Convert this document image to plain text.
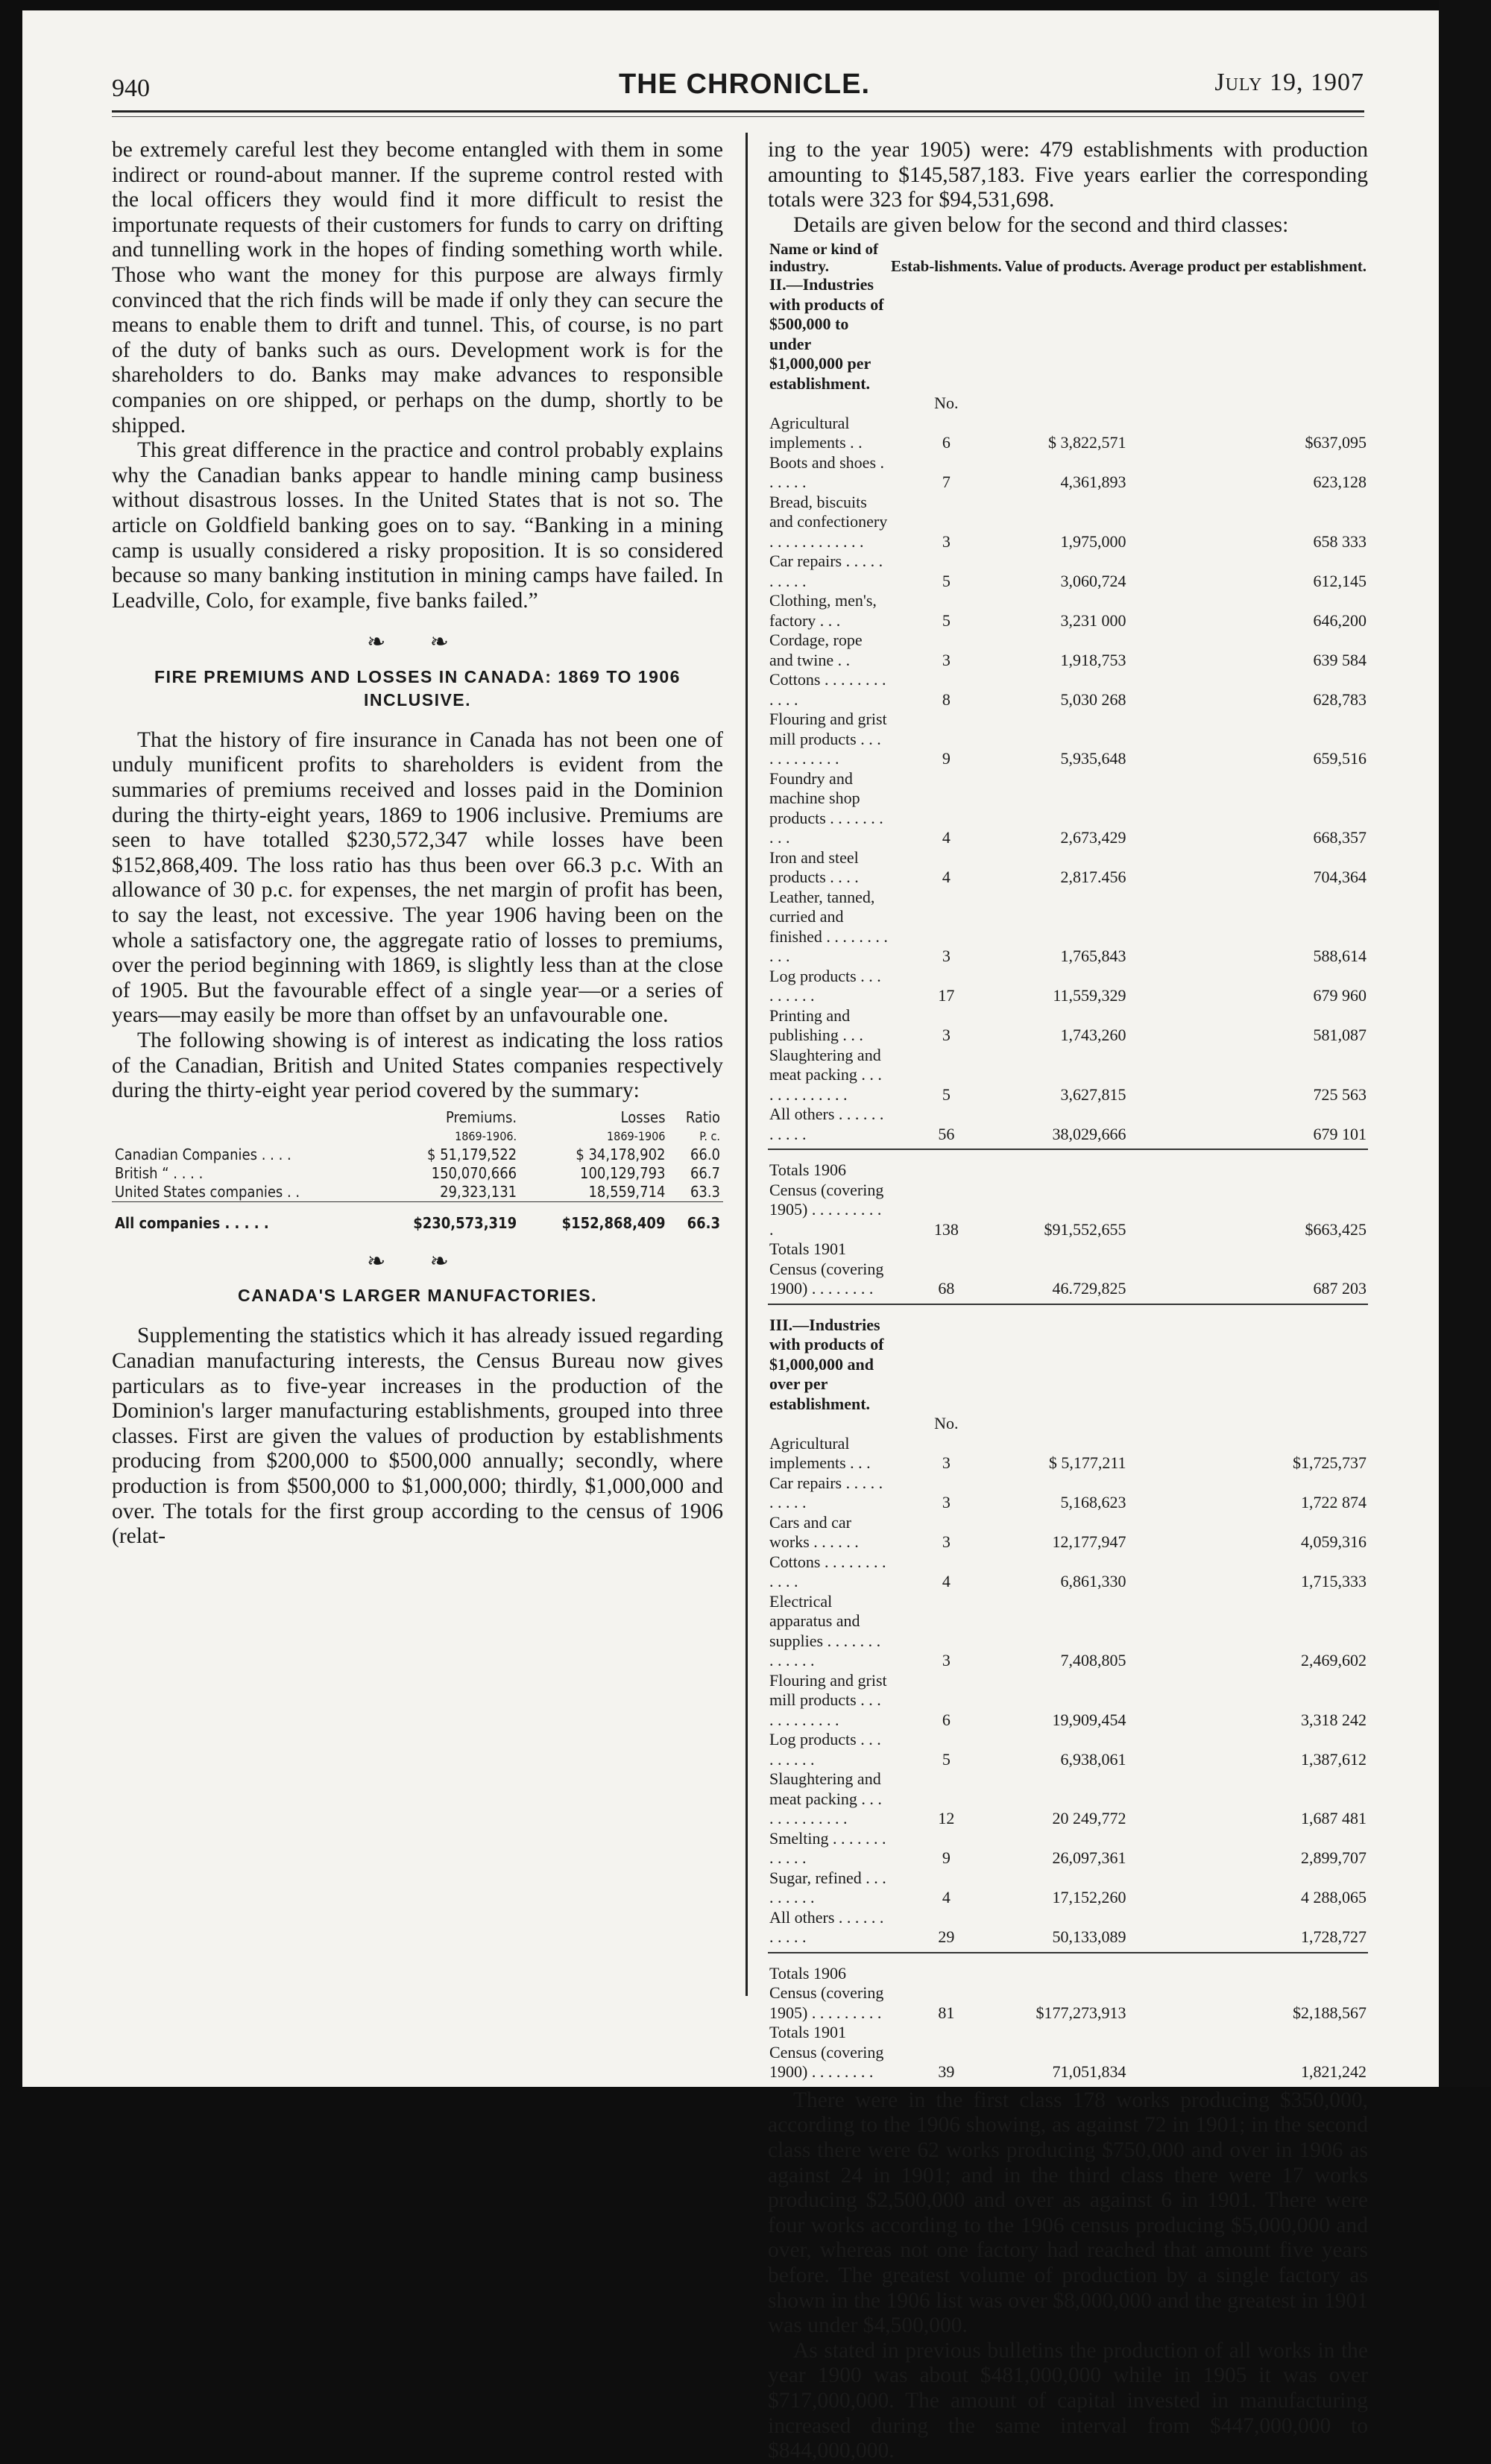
940	THE CHRONICLE.	July 19, 1907

be extremely careful lest they become entangled with them in some indirect or round-about manner. If the supreme control rested with the local officers they would find it more difficult to resist the importunate requests of their customers for funds to carry on drifting and tunnelling work in the hopes of finding something worth while. Those who want the money for this purpose are always firmly convinced that the rich finds will be made if only they can secure the means to enable them to drift and tunnel. This, of course, is no part of the duty of banks such as ours. Development work is for the shareholders to do. Banks may make advances to responsible companies on ore shipped, or perhaps on the dump, shortly to be shipped.

This great difference in the practice and control probably explains why the Canadian banks appear to handle mining camp business without disastrous losses. In the United States that is not so. The article on Goldfield banking goes on to say. “Banking in a mining camp is usually considered a risky proposition. It is so considered because so many banking institution in mining camps have failed. In Leadville, Colo, for example, five banks failed.”

❧ ❧
FIRE PREMIUMS AND LOSSES IN CANADA: 1869 TO 1906 INCLUSIVE.

That the history of fire insurance in Canada has not been one of unduly munificent profits to shareholders is evident from the summaries of premiums received and losses paid in the Dominion during the thirty-eight years, 1869 to 1906 inclusive. Premiums are seen to have totalled $230,572,347 while losses have been $152,868,409. The loss ratio has thus been over 66.3 p.c. With an allowance of 30 p.c. for expenses, the net margin of profit has been, to say the least, not excessive. The year 1906 having been on the whole a satisfactory one, the aggregate ratio of losses to premiums, over the period beginning with 1869, is slightly less than at the close of 1905. But the favourable effect of a single year—or a series of years—may easily be more than offset by an unfavourable one.

The following showing is of interest as indicating the loss ratios of the Canadian, British and United States companies respectively during the thirty-eight year period covered by the summary:

	Premiums.	Losses	Ratio
	1869-1906.	1869-1906	P. c.
Canadian Companies . . . .	$ 51,179,522	$ 34,178,902	66.0
British “ . . . .	150,070,666	100,129,793	66.7
United States companies . .	29,323,131	18,559,714	63.3
All companies . . . . .	$230,573,319	$152,868,409	66.3
❧ ❧
CANADA'S LARGER MANUFACTORIES.

Supplementing the statistics which it has already issued regarding Canadian manufacturing interests, the Census Bureau now gives particulars as to five-year increases in the production of the Dominion's larger manufacturing establishments, grouped into three classes. First are given the values of production by establishments producing from $200,000 to $500,000 annually; secondly, where production is from $500,000 to $1,000,000; thirdly, $1,000,000 and over. The totals for the first group according to the census of 1906 (relat-

ing to the year 1905) were: 479 establishments with production amounting to $145,587,183. Five years earlier the corresponding totals were 323 for $94,531,698.

Details are given below for the second and third classes:

Name or kind of industry.	Estab-lishments.	Value of products.	Average product per establishment.
II.—Industries with products of $500,000 to under $1,000,000 per establishment.			
	No.		
Agricultural implements . .	6	$ 3,822,571	$637,095
Boots and shoes . . . . . .	7	4,361,893	623,128
Bread, biscuits and confectionery . . . . . . . . . . . .	3	1,975,000	658 333
Car repairs . . . . . . . . . .	5	3,060,724	612,145
Clothing, men's, factory . . .	5	3,231 000	646,200
Cordage, rope and twine . .	3	1,918,753	639 584
Cottons . . . . . . . . . . . .	8	5,030 268	628,783
Flouring and grist mill products . . . . . . . . . . . .	9	5,935,648	659,516
Foundry and machine shop products . . . . . . . . . .	4	2,673,429	668,357
Iron and steel products . . . .	4	2,817.456	704,364
Leather, tanned, curried and finished . . . . . . . . . . .	3	1,765,843	588,614
Log products . . . . . . . . .	17	11,559,329	679 960
Printing and publishing . . .	3	1,743,260	581,087
Slaughtering and meat packing . . . . . . . . . . . . .	5	3,627,815	725 563
All others . . . . . . . . . . .	56	38,029,666	679 101

Totals 1906 Census (covering 1905) . . . . . . . . . .	138	$91,552,655	$663,425
Totals 1901 Census (covering 1900) . . . . . . . .	68	46.729,825	687 203

III.—Industries with products of $1,000,000 and over per establishment.			
	No.		
Agricultural implements . . .	3	$ 5,177,211	$1,725,737
Car repairs . . . . . . . . . .	3	5,168,623	1,722 874
Cars and car works . . . . . .	3	12,177,947	4,059,316
Cottons . . . . . . . . . . . .	4	6,861,330	1,715,333
Electrical apparatus and supplies . . . . . . . . . . . . .	3	7,408,805	2,469,602
Flouring and grist mill products . . . . . . . . . . . .	6	19,909,454	3,318 242
Log products . . . . . . . . .	5	6,938,061	1,387,612
Slaughtering and meat packing . . . . . . . . . . . . .	12	20 249,772	1,687 481
Smelting . . . . . . . . . . . .	9	26,097,361	2,899,707
Sugar, refined . . . . . . . . .	4	17,152,260	4 288,065
All others . . . . . . . . . . .	29	50,133,089	1,728,727

Totals 1906 Census (covering 1905) . . . . . . . . .	81	$177,273,913	$2,188,567
Totals 1901 Census (covering 1900) . . . . . . . .	39	71,051,834	1,821,242

There were in the first class 178 works producing $350,000, according to the 1906 showing, as against 72 in 1901; in the second class there were 62 works producing $750,000 and over in 1906 as against 24 in 1901; and in the third class there were 17 works producing $2,500,000 and over as against 6 in 1901. There were four works according to the 1906 census producing $5,000,000 and over, whereas not one factory had reached that amount five years before. The greatest volume of production by a single factory as shown in the 1906 list was over $8,000,000 and the greatest in 1901 was under $4,500,000.

As stated in previous bulletins the production of all works in the year 1900 was about $481,000,000 while in 1905 it was over $717,000,000. The amount of capital invested in manufacturing increased during the same interval from $447,000,000 to $844,000,000.
